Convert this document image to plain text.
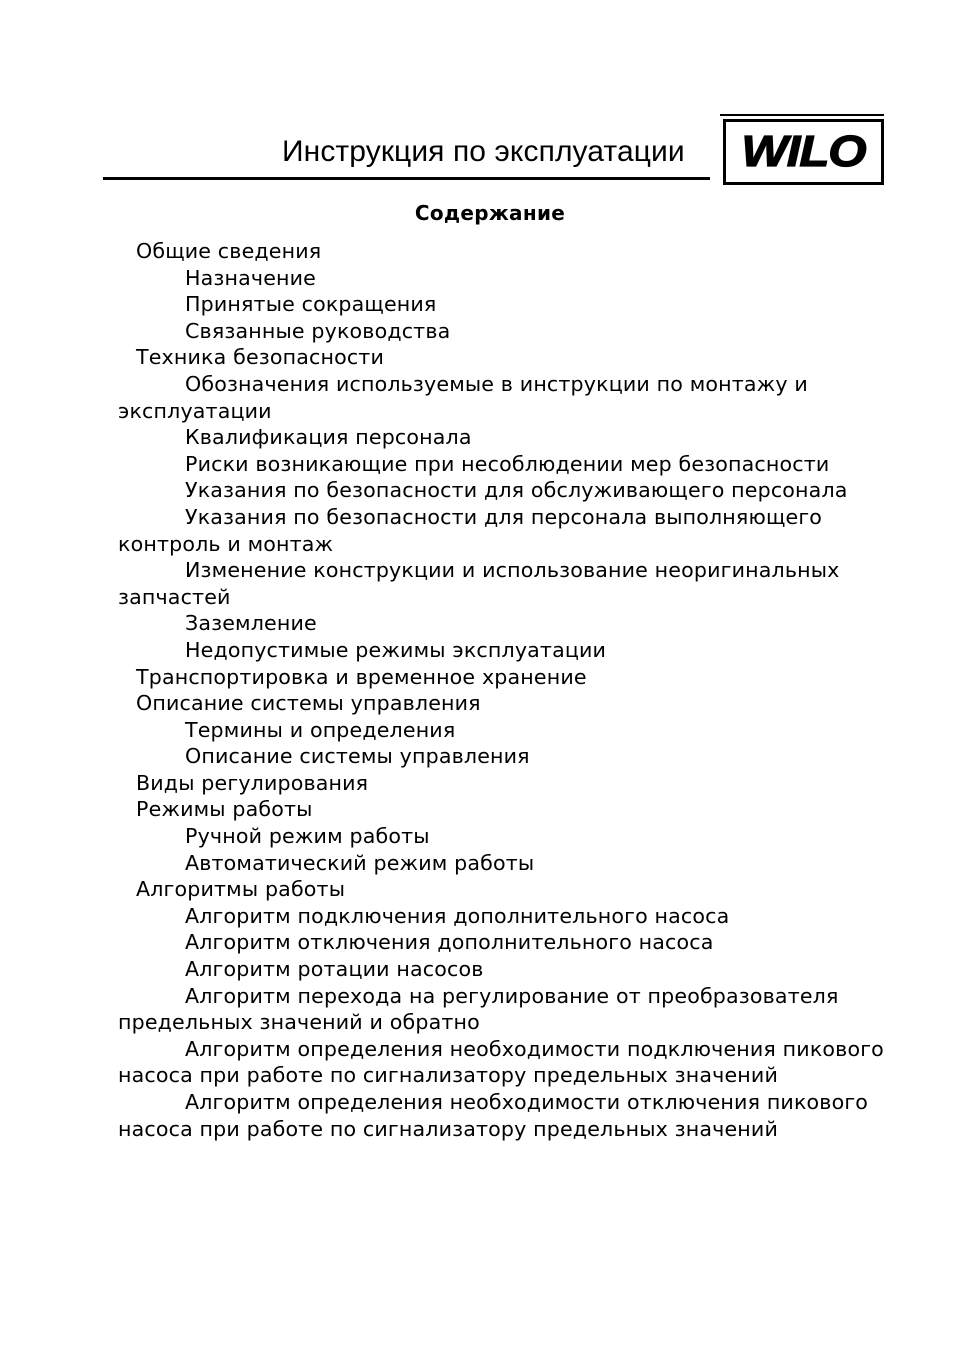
Инструкция по эксплуатации WILO
Содержание
Общие сведения
Назначение
Принятые сокращения
Связанные руководства
Техника безопасности
Обозначения используемые в инструкции по монтажу и эксплуатации
Квалификация персонала
Риски возникающие при несоблюдении мер безопасности
Указания по безопасности для обслуживающего персонала
Указания по безопасности для персонала выполняющего контроль и монтаж
Изменение конструкции и использование неоригинальных запчастей
Заземление
Недопустимые режимы эксплуатации
Транспортировка и временное хранение
Описание системы управления
Термины и определения
Описание системы управления
Виды регулирования
Режимы работы
Ручной режим работы
Автоматический режим работы
Алгоритмы работы
Алгоритм подключения дополнительного насоса
Алгоритм отключения дополнительного насоса
Алгоритм ротации насосов
Алгоритм перехода на регулирование от преобразователя предельных значений и обратно
Алгоритм определения необходимости подключения пикового насоса при работе по сигнализатору предельных значений
Алгоритм определения необходимости отключения пикового насоса при работе по сигнализатору предельных значений
